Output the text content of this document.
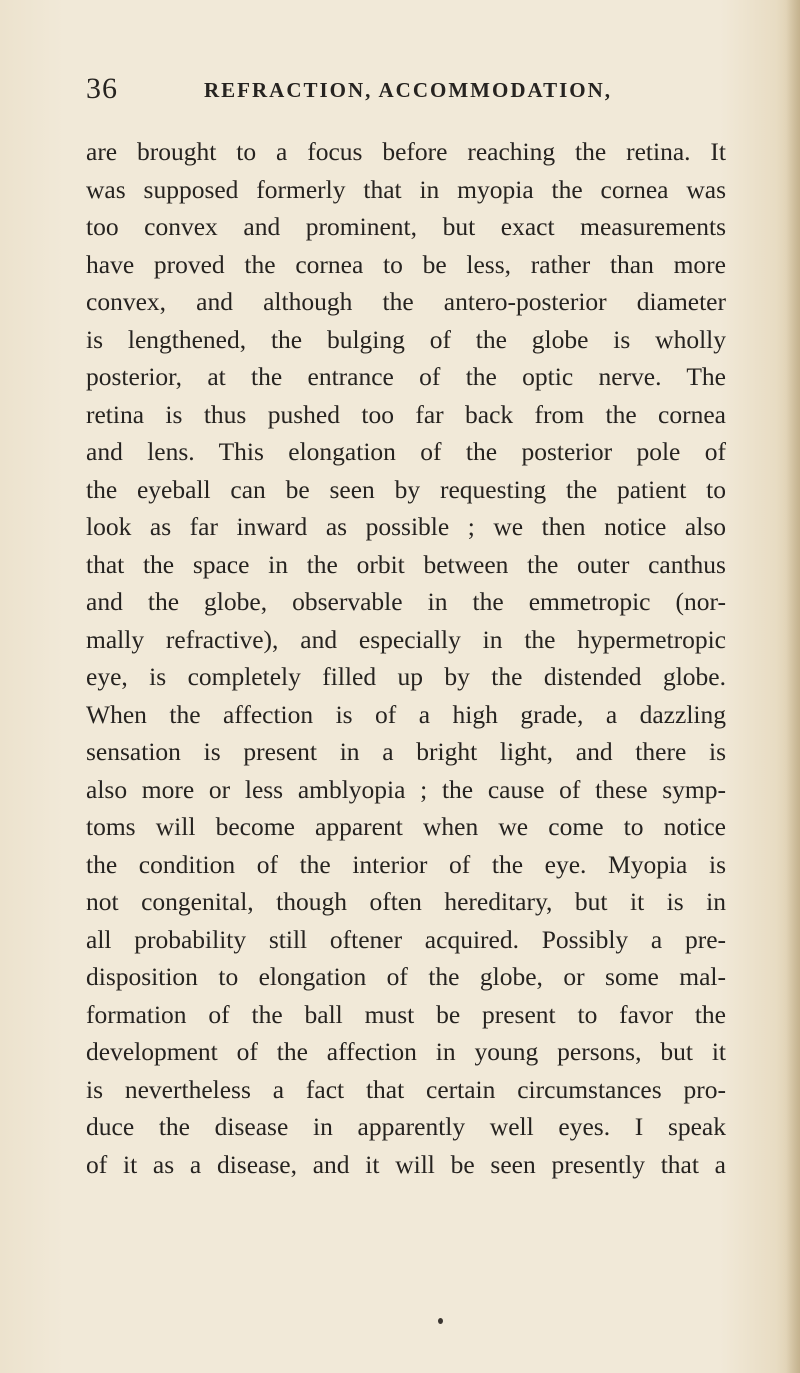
36	REFRACTION, ACCOMMODATION,
are brought to a focus before reaching the retina. It
was supposed formerly that in myopia the cornea was
too convex and prominent, but exact measurements
have proved the cornea to be less, rather than more
convex, and although the antero-posterior diameter
is lengthened, the bulging of the globe is wholly
posterior, at the entrance of the optic nerve. The
retina is thus pushed too far back from the cornea
and lens. This elongation of the posterior pole of
the eyeball can be seen by requesting the patient to
look as far inward as possible ; we then notice also
that the space in the orbit between the outer canthus
and the globe, observable in the emmetropic (nor-
mally refractive), and especially in the hypermetropic
eye, is completely filled up by the distended globe.
When the affection is of a high grade, a dazzling
sensation is present in a bright light, and there is
also more or less amblyopia ; the cause of these symp-
toms will become apparent when we come to notice
the condition of the interior of the eye. Myopia is
not congenital, though often hereditary, but it is in
all probability still oftener acquired. Possibly a pre-
disposition to elongation of the globe, or some mal-
formation of the ball must be present to favor the
development of the affection in young persons, but it
is nevertheless a fact that certain circumstances pro-
duce the disease in apparently well eyes. I speak
of it as a disease, and it will be seen presently that a
